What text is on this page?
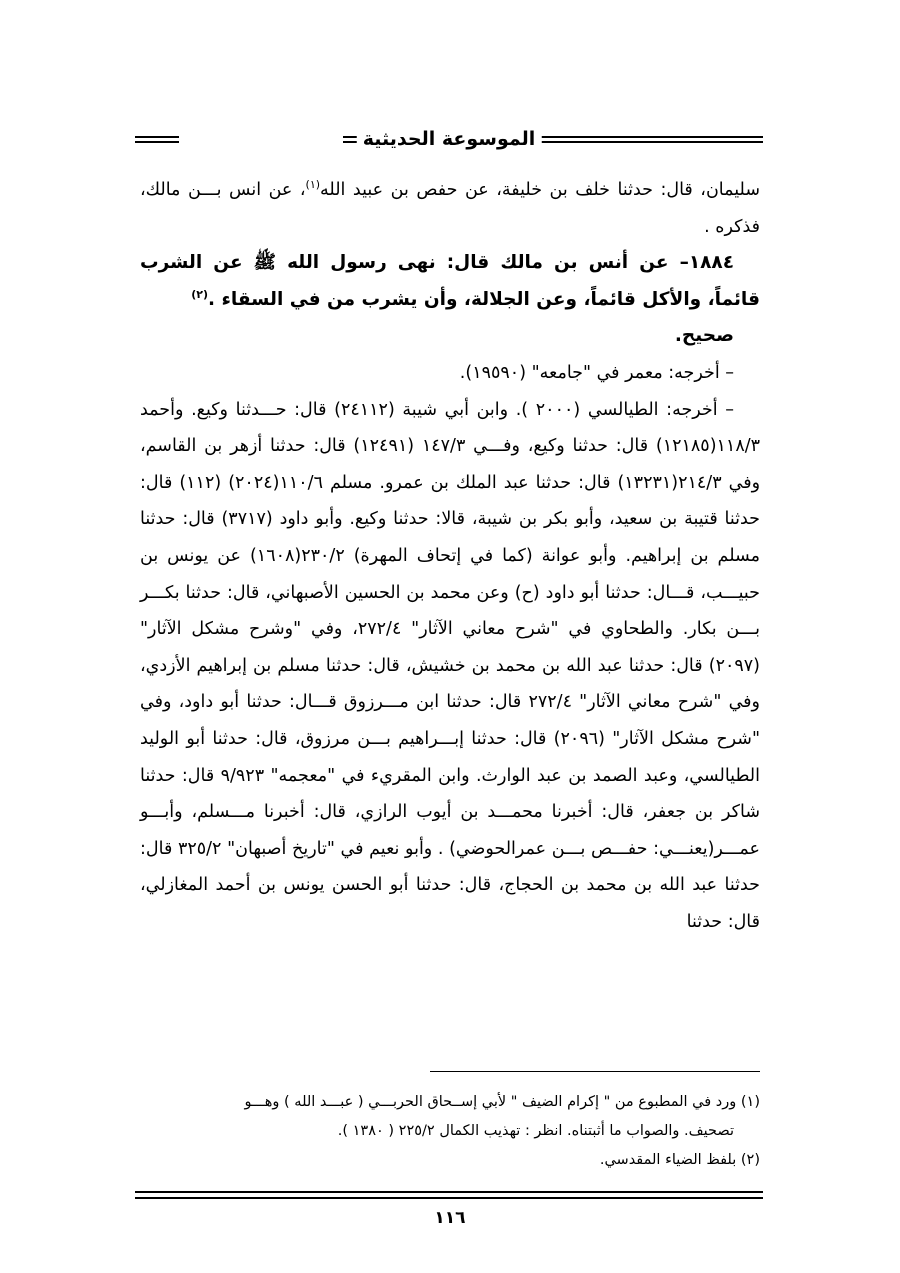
الموسوعة الحديثية

سليمان، قال: حدثنا خلف بن خليفة، عن حفص بن عبيد الله$^{(١)}$، عن انس بـــن مالك، فذكره .

١٨٨٤– عن أنس بن مالك قال: نهى رسول الله ﷺ عن الشرب قائماً، والأكل قائماً، وعن الجلالة، وأن يشرب من في السقاء .$^{(٢)}$

صحيح.

– أخرجه: معمر في "جامعه" (١٩٥٩٠).

– أخرجه: الطيالسي (٢٠٠٠ ). وابن أبي شيبة (٢٤١١٢) قال: حـــدثنا وكيع. وأحمد ١١٨/٣(١٢١٨٥) قال: حدثنا وكيع، وفـــي ١٤٧/٣ (١٢٤٩١) قال: حدثنا أزهر بن القاسم، وفي ٢١٤/٣(١٣٢٣١) قال: حدثنا عبد الملك بن عمرو. مسلم ١١٠/٦(٢٠٢٤) (١١٢) قال: حدثنا قتيبة بن سعيد، وأبو بكر بن شيبة، قالا: حدثنا وكيع. وأبو داود (٣٧١٧) قال: حدثنا مسلم بن إبراهيم. وأبو عوانة (كما في إتحاف المهرة) ٢٣٠/٢(١٦٠٨) عن يونس بن حبيـــب، قـــال: حدثنا أبو داود (ح) وعن محمد بن الحسين الأصبهاني، قال: حدثنا بكـــر بـــن بكار. والطحاوي في "شرح معاني الآثار" ٢٧٢/٤، وفي "وشرح مشكل الآثار" (٢٠٩٧) قال: حدثنا عبد الله بن محمد بن خشيش، قال: حدثنا مسلم بن إبراهيم الأزدي، وفي "شرح معاني الآثار" ٢٧٢/٤ قال: حدثنا ابن مـــرزوق قـــال: حدثنا أبو داود، وفي "شرح مشكل الآثار" (٢٠٩٦) قال: حدثنا إبـــراهيم بـــن مرزوق، قال: حدثنا أبو الوليد الطيالسي، وعبد الصمد بن عبد الوارث. وابن المقريء في "معجمه" ٩/٩٢٣ قال: حدثنا شاكر بن جعفر، قال: أخبرنا محمـــد بن أيوب الرازي، قال: أخبرنا مـــسلم، وأبـــو عمـــر(يعنـــي: حفـــص بـــن عمرالحوضي) . وأبو نعيم في "تاريخ أصبهان" ٣٢٥/٢ قال: حدثنا عبد الله بن محمد بن الحجاج، قال: حدثنا أبو الحسن يونس بن أحمد المغازلي، قال: حدثنا

(١) ورد في المطبوع من " إكرام الضيف " لأبي إســحاق الحربـــي ( عبـــد الله ) وهـــو

تصحيف. والصواب ما أثبتناه. انظر : تهذيب الكمال ٢٢٥/٢ ( ١٣٨٠ ).

(٢) بلفظ الضياء المقدسي.

١١٦
